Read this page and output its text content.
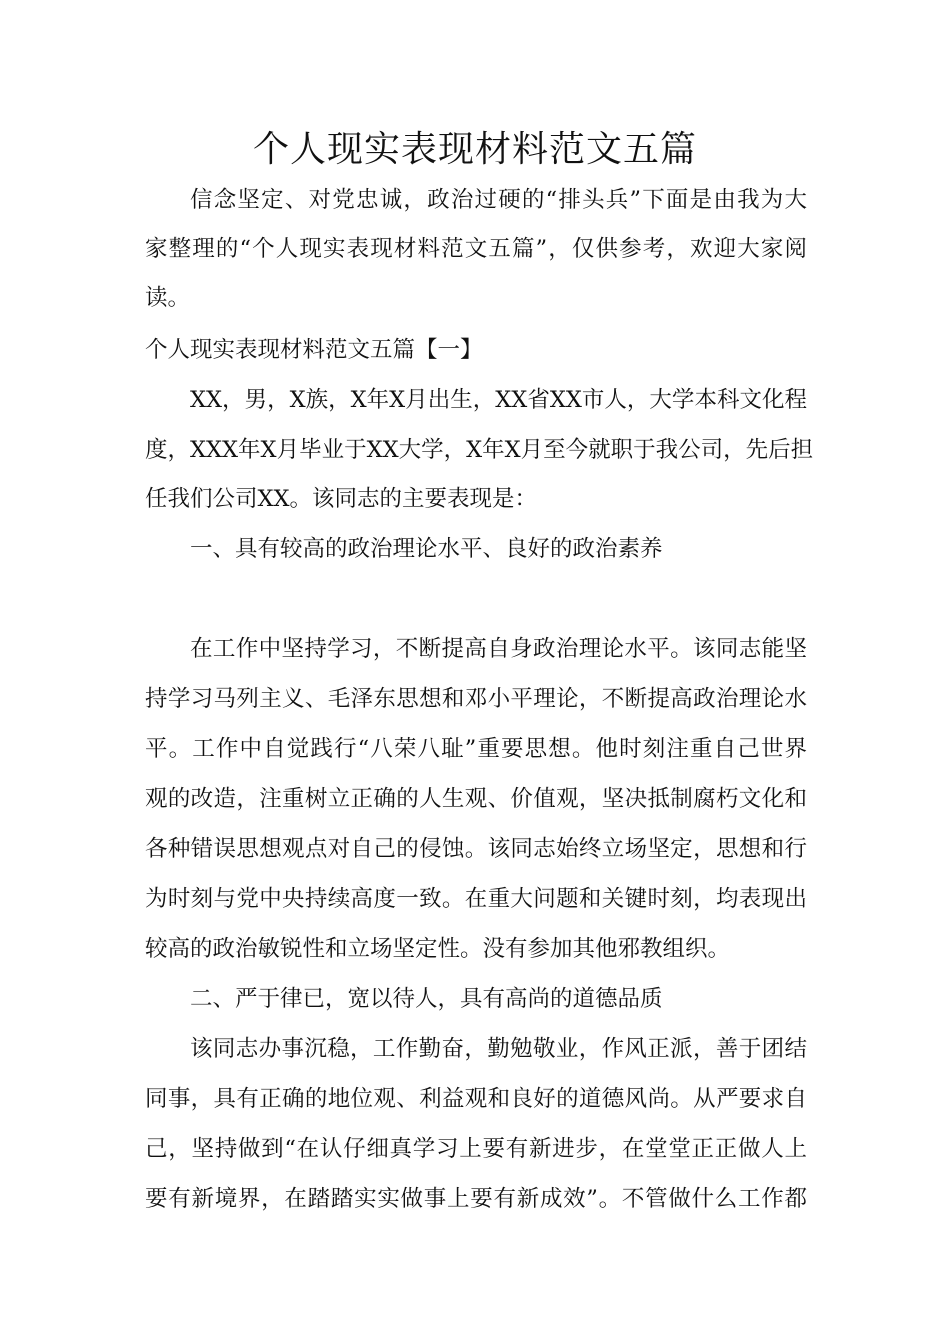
个人现实表现材料范文五篇
信念坚定、对党忠诚，政治过硬的“排头兵”下面是由我为大
家整理的“个人现实表现材料范文五篇”，仅供参考，欢迎大家阅
读。
个人现实表现材料范文五篇【一】
XX，男，X族，X年X月出生，XX省XX市人，大学本科文化程
度，XXX年X月毕业于XX大学，X年X月至今就职于我公司，先后担
任我们公司XX。该同志的主要表现是：
一、具有较高的政治理论水平、良好的政治素养
在工作中坚持学习，不断提高自身政治理论水平。该同志能坚
持学习马列主义、毛泽东思想和邓小平理论，不断提高政治理论水
平。工作中自觉践行“八荣八耻”重要思想。他时刻注重自己世界
观的改造，注重树立正确的人生观、价值观，坚决抵制腐朽文化和
各种错误思想观点对自己的侵蚀。该同志始终立场坚定，思想和行
为时刻与党中央持续高度一致。在重大问题和关键时刻，均表现出
较高的政治敏锐性和立场坚定性。没有参加其他邪教组织。
二、严于律已，宽以待人，具有高尚的道德品质
该同志办事沉稳，工作勤奋，勤勉敬业，作风正派，善于团结
同事，具有正确的地位观、利益观和良好的道德风尚。从严要求自
己，坚持做到“在认仔细真学习上要有新进步，在堂堂正正做人上
要有新境界，在踏踏实实做事上要有新成效”。不管做什么工作都
